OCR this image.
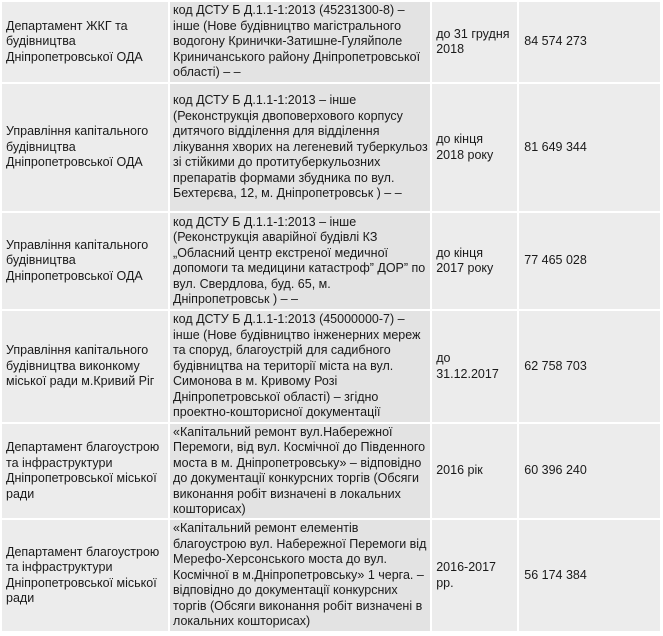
Департамент ЖКГ та будівництва Дніпропетровської ОДА	код ДСТУ Б Д.1.1-1:2013 (45231300-8) – інше (Нове будівництво магістрального водогону Кринички-Затишне-Гуляйполе Криничанського району Дніпропетровської області) – –	до 31 грудня 2018	84 574 273
Управління капітального будівництва Дніпропетровської ОДА	код ДСТУ Б Д.1.1-1:2013 – інше (Реконструкція двоповерхового корпусу дитячого відділення для відділення лікування хворих на легеневий туберкульоз зі стійкими до протитуберкульозних препаратів формами збудника по вул. Бехтерєва, 12, м. Дніпропетровськ ) – –	до кінця 2018 року	81 649 344
Управління капітального будівництва Дніпропетровської ОДА	код ДСТУ Б Д.1.1-1:2013 – інше (Реконструкція аварійної будівлі КЗ „Обласний центр екстреної медичної допомоги та медицини катастроф” ДОР” по вул. Свердлова, буд. 65, м. Дніпропетровськ ) – –	до кінця 2017 року	77 465 028
Управління капітального будівництва виконкому міської ради м.Кривий Ріг	код ДСТУ Б Д.1.1-1:2013 (45000000-7) – інше (Нове будівництво інженерних мереж та споруд, благоустрій для садибного будівництва на території міста на вул. Симонова в м. Кривому Розі Дніпропетровської області) – згідно проектно-кошторисної документації	до 31.12.2017	62 758 703
Департамент благоустрою та інфраструктури Дніпропетровської міської ради	«Капітальний ремонт вул.Набережної Перемоги, від вул. Космічної до Південного моста в м. Дніпропетровську» – відповідно до документації конкурсних торгів (Обсяги виконання робіт визначені в локальних кошторисах)	2016 рік	60 396 240
Департамент благоустрою та інфраструктури Дніпропетровської міської ради	«Капітальний ремонт елементів благоустрою вул. Набережної Перемоги від Мерефо-Херсонського моста до вул. Космічної в м.Дніпропетровську» 1 черга. – відповідно до документації конкурсних торгів (Обсяги виконання робіт визначені в локальних кошторисах)	2016-2017 рр.	56 174 384
